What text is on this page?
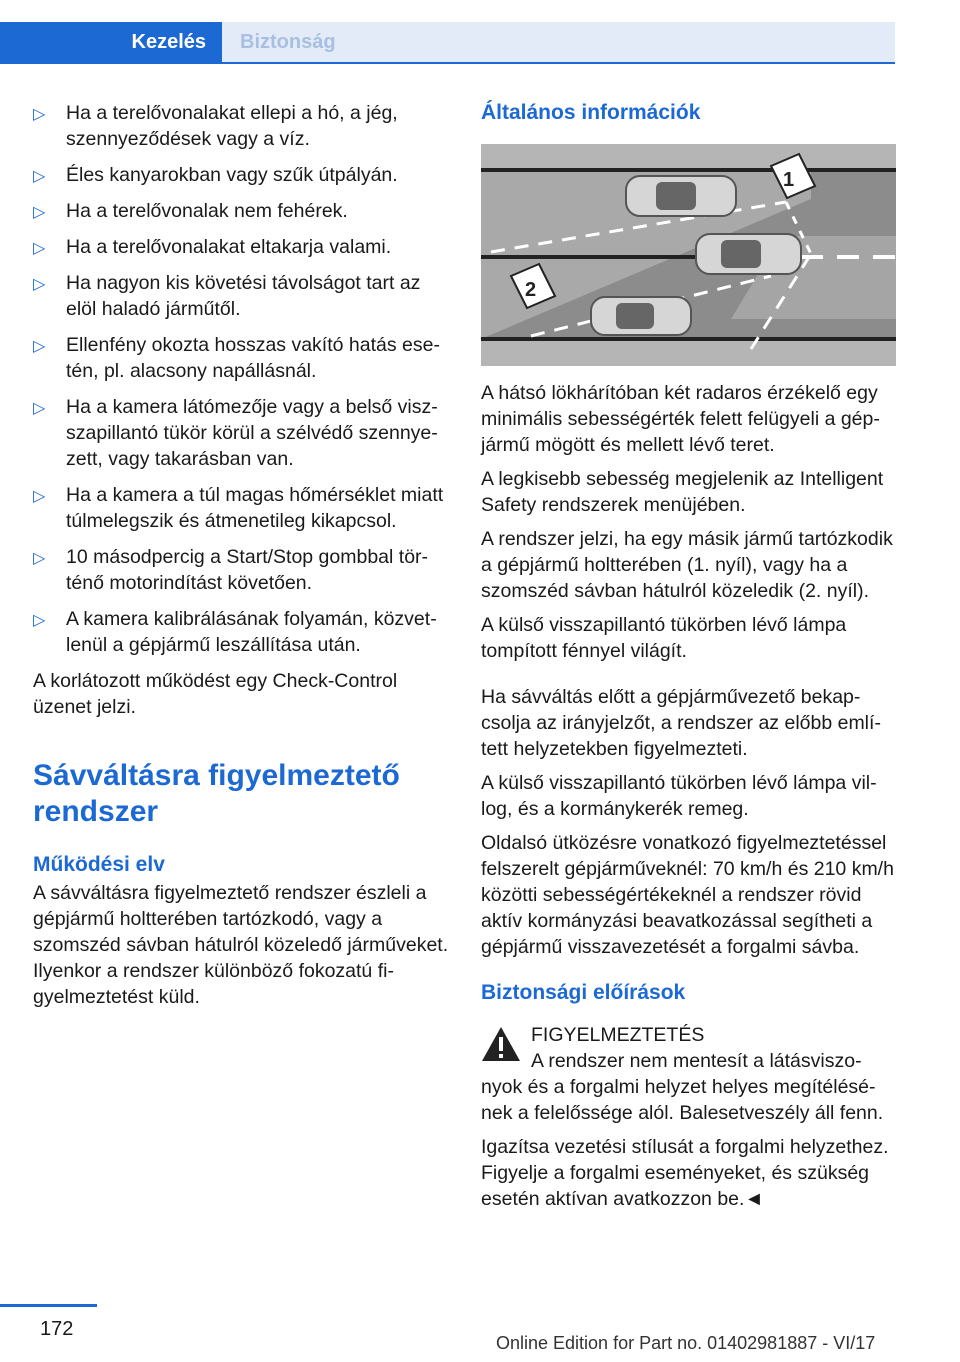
Kezelés	Biztonság
▷ Ha a terelővonalakat ellepi a hó, a jég, szennyeződések vagy a víz.
▷ Éles kanyarokban vagy szűk útpályán.
▷ Ha a terelővonalak nem fehérek.
▷ Ha a terelővonalakat eltakarja valami.
▷ Ha nagyon kis követési távolságot tart az elöl haladó járműtől.
▷ Ellenfény okozta hosszas vakító hatás esetén, pl. alacsony napállásnál.
▷ Ha a kamera látómezője vagy a belső viszszapillantó tükör körül a szélvédő szennyezett, vagy takarásban van.
▷ Ha a kamera a túl magas hőmérséklet miatt túlmelegszik és átmenetileg kikapcsol.
▷ 10 másodpercig a Start/Stop gombbal történő motorindítást követően.
▷ A kamera kalibrálásának folyamán, közvetlenül a gépjármű leszállítása után.

A korlátozott működést egy Check-Control üzenet jelzi.

Sávváltásra figyelmeztető rendszer
Működési elv

A sávváltásra figyelmeztető rendszer észleli a gépjármű holtterében tartózkodó, vagy a szomszéd sávban hátulról közeledő járműveket. Ilyenkor a rendszer különböző fokozatú figyelmeztetést küld.

Általános információk
1
2

A hátsó lökhárítóban két radaros érzékelő egy minimális sebességérték felett felügyeli a gépjármű mögött és mellett lévő teret.

A legkisebb sebesség megjelenik az Intelligent Safety rendszerek menüjében.

A rendszer jelzi, ha egy másik jármű tartózkodik a gépjármű holtterében (1. nyíl), vagy ha a szomszéd sávban hátulról közeledik (2. nyíl).

A külső visszapillantó tükörben lévő lámpa tompított fénnyel világít.

Ha sávváltás előtt a gépjárművezető bekapcsolja az irányjelzőt, a rendszer az előbb említett helyzetekben figyelmezteti.

A külső visszapillantó tükörben lévő lámpa villog, és a kormánykerék remeg.

Oldalsó ütközésre vonatkozó figyelmeztetéssel felszerelt gépjárműveknél: 70 km/h és 210 km/h közötti sebességértékeknél a rendszer rövid aktív kormányzási beavatkozással segítheti a gépjármű visszavezetését a forgalmi sávba.

Biztonsági előírások
FIGYELMEZTETÉS

A rendszer nem mentesít a látásviszonyok és a forgalmi helyzet helyes megítélésének a felelőssége alól. Balesetveszély áll fenn.

Igazítsa vezetési stílusát a forgalmi helyzethez. Figyelje a forgalmi eseményeket, és szükség esetén aktívan avatkozzon be.◄

172
Online Edition for Part no. 01402981887 - VI/17
